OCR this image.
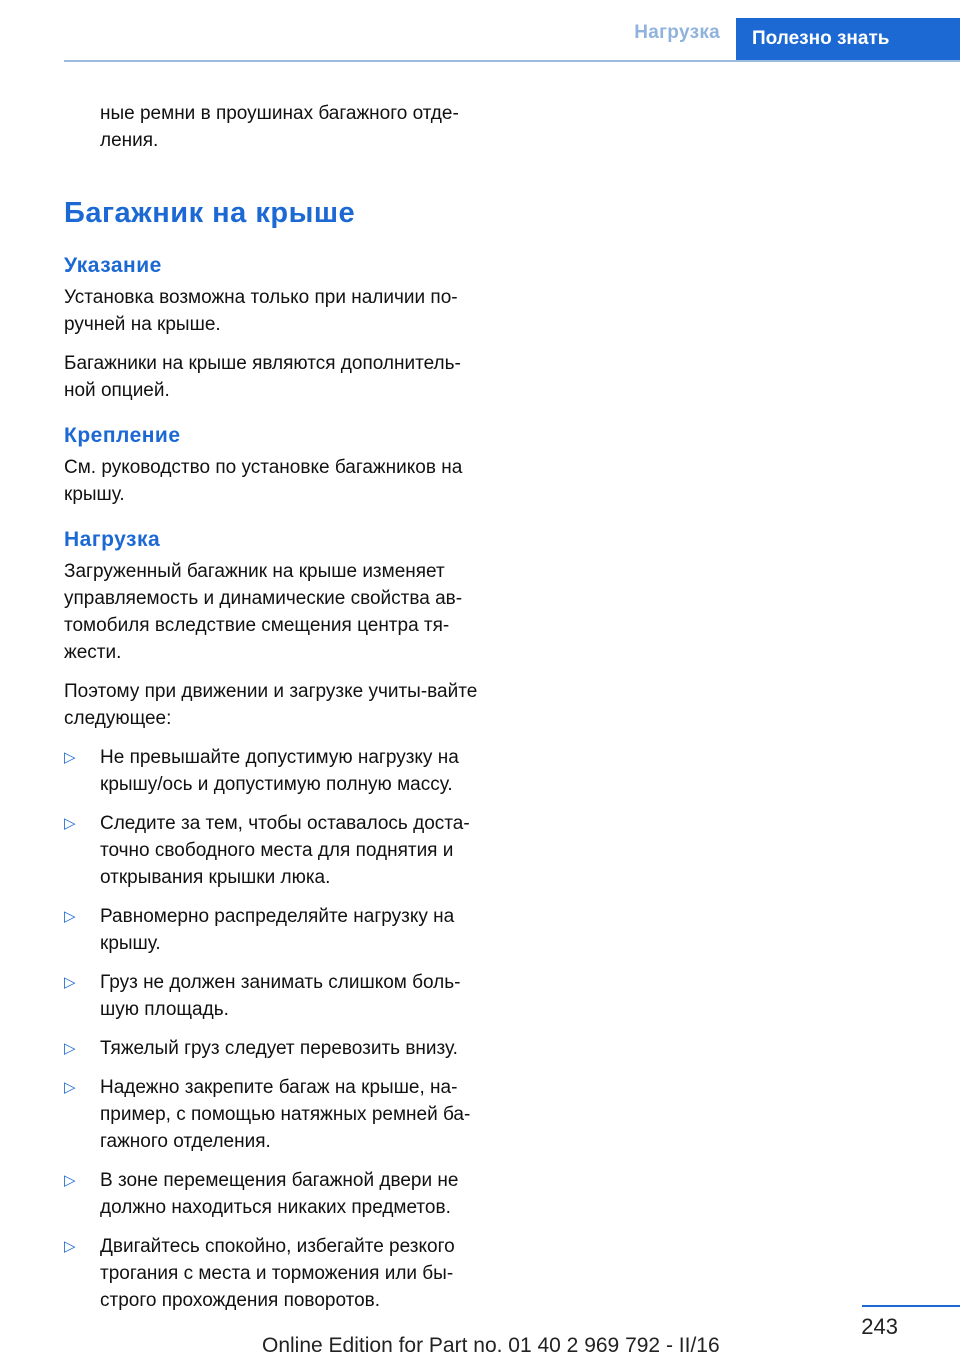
Нагрузка	Полезно знать

ные ремни в проушинах багажного отде-ления.

Багажник на крыше
Указание

Установка возможна только при наличии по-ручней на крыше.

Багажники на крыше являются дополнитель-ной опцией.

Крепление

См. руководство по установке багажников на крышу.

Нагрузка

Загруженный багажник на крыше изменяет управляемость и динамические свойства ав-томобиля вследствие смещения центра тя-жести.

Поэтому при движении и загрузке учиты-вайте следующее:

▷	Не превышайте допустимую нагрузку на крышу/ось и допустимую полную массу.
▷	Следите за тем, чтобы оставалось доста-точно свободного места для поднятия и открывания крышки люка.
▷	Равномерно распределяйте нагрузку на крышу.
▷	Груз не должен занимать слишком боль-шую площадь.
▷	Тяжелый груз следует перевозить внизу.
▷	Надежно закрепите багаж на крыше, на-пример, с помощью натяжных ремней ба-гажного отделения.
▷	В зоне перемещения багажной двери не должно находиться никаких предметов.
▷	Двигайтесь спокойно, избегайте резкого трогания с места и торможения или бы-строго прохождения поворотов.
243
Online Edition for Part no. 01 40 2 969 792 - II/16
